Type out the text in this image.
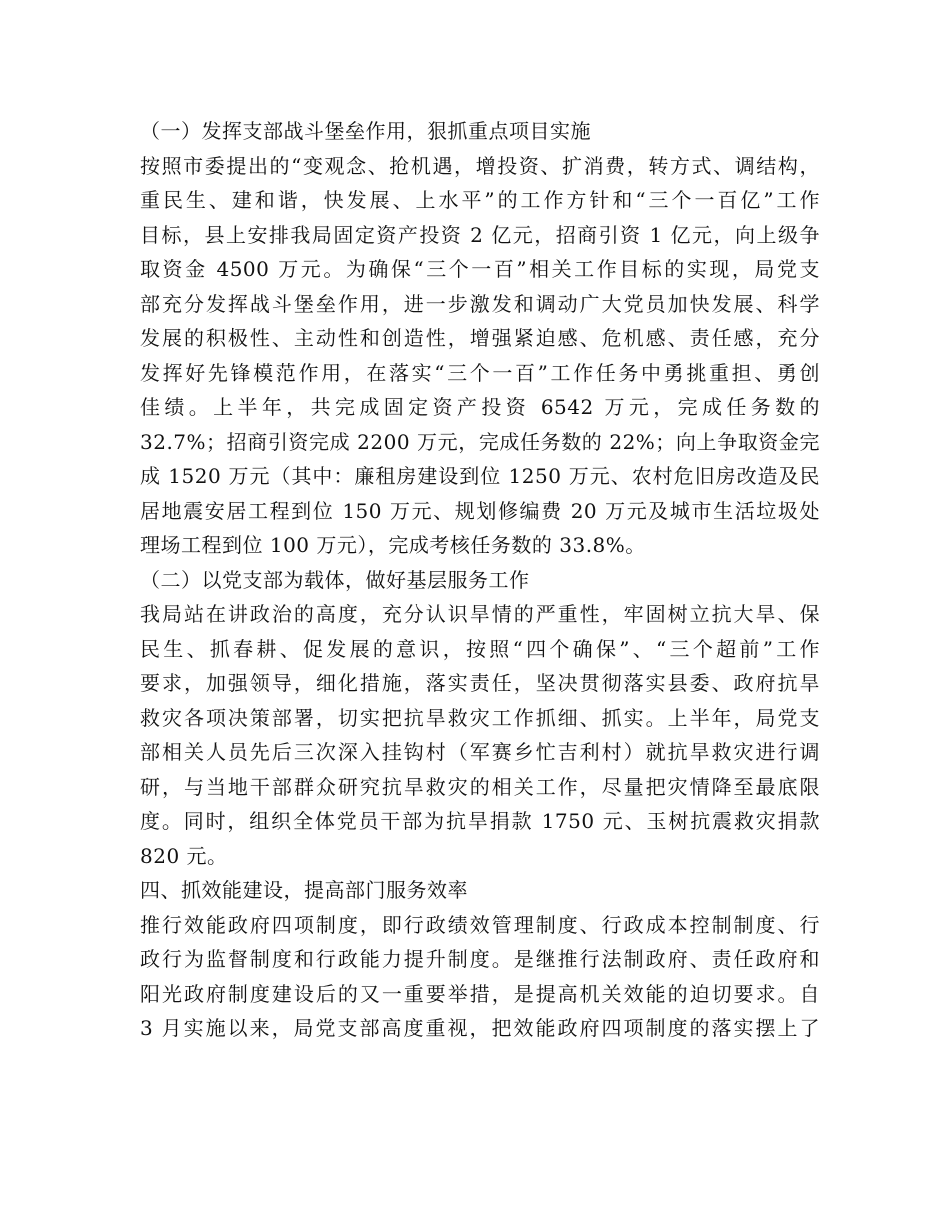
（一）发挥支部战斗堡垒作用，狠抓重点项目实施
按照市委提出的“变观念、抢机遇，增投资、扩消费，转方式、调结构，
重民生、建和谐，快发展、上水平”的工作方针和“三个一百亿”工作
目标，县上安排我局固定资产投资 2 亿元，招商引资 1 亿元，向上级争
取资金 4500 万元。为确保“三个一百”相关工作目标的实现，局党支
部充分发挥战斗堡垒作用，进一步激发和调动广大党员加快发展、科学
发展的积极性、主动性和创造性，增强紧迫感、危机感、责任感，充分
发挥好先锋模范作用，在落实“三个一百”工作任务中勇挑重担、勇创
佳绩。上半年，共完成固定资产投资 6542 万元，完成任务数的
32.7%；招商引资完成 2200 万元，完成任务数的 22%；向上争取资金完
成 1520 万元（其中：廉租房建设到位 1250 万元、农村危旧房改造及民
居地震安居工程到位 150 万元、规划修编费 20 万元及城市生活垃圾处
理场工程到位 100 万元），完成考核任务数的 33.8%。
（二）以党支部为载体，做好基层服务工作
我局站在讲政治的高度，充分认识旱情的严重性，牢固树立抗大旱、保
民生、抓春耕、促发展的意识，按照“四个确保”、“三个超前”工作
要求，加强领导，细化措施，落实责任，坚决贯彻落实县委、政府抗旱
救灾各项决策部署，切实把抗旱救灾工作抓细、抓实。上半年，局党支
部相关人员先后三次深入挂钩村（军赛乡忙吉利村）就抗旱救灾进行调
研，与当地干部群众研究抗旱救灾的相关工作，尽量把灾情降至最底限
度。同时，组织全体党员干部为抗旱捐款 1750 元、玉树抗震救灾捐款
820 元。
四、抓效能建设，提高部门服务效率
推行效能政府四项制度，即行政绩效管理制度、行政成本控制制度、行
政行为监督制度和行政能力提升制度。是继推行法制政府、责任政府和
阳光政府制度建设后的又一重要举措，是提高机关效能的迫切要求。自
3 月实施以来，局党支部高度重视，把效能政府四项制度的落实摆上了
